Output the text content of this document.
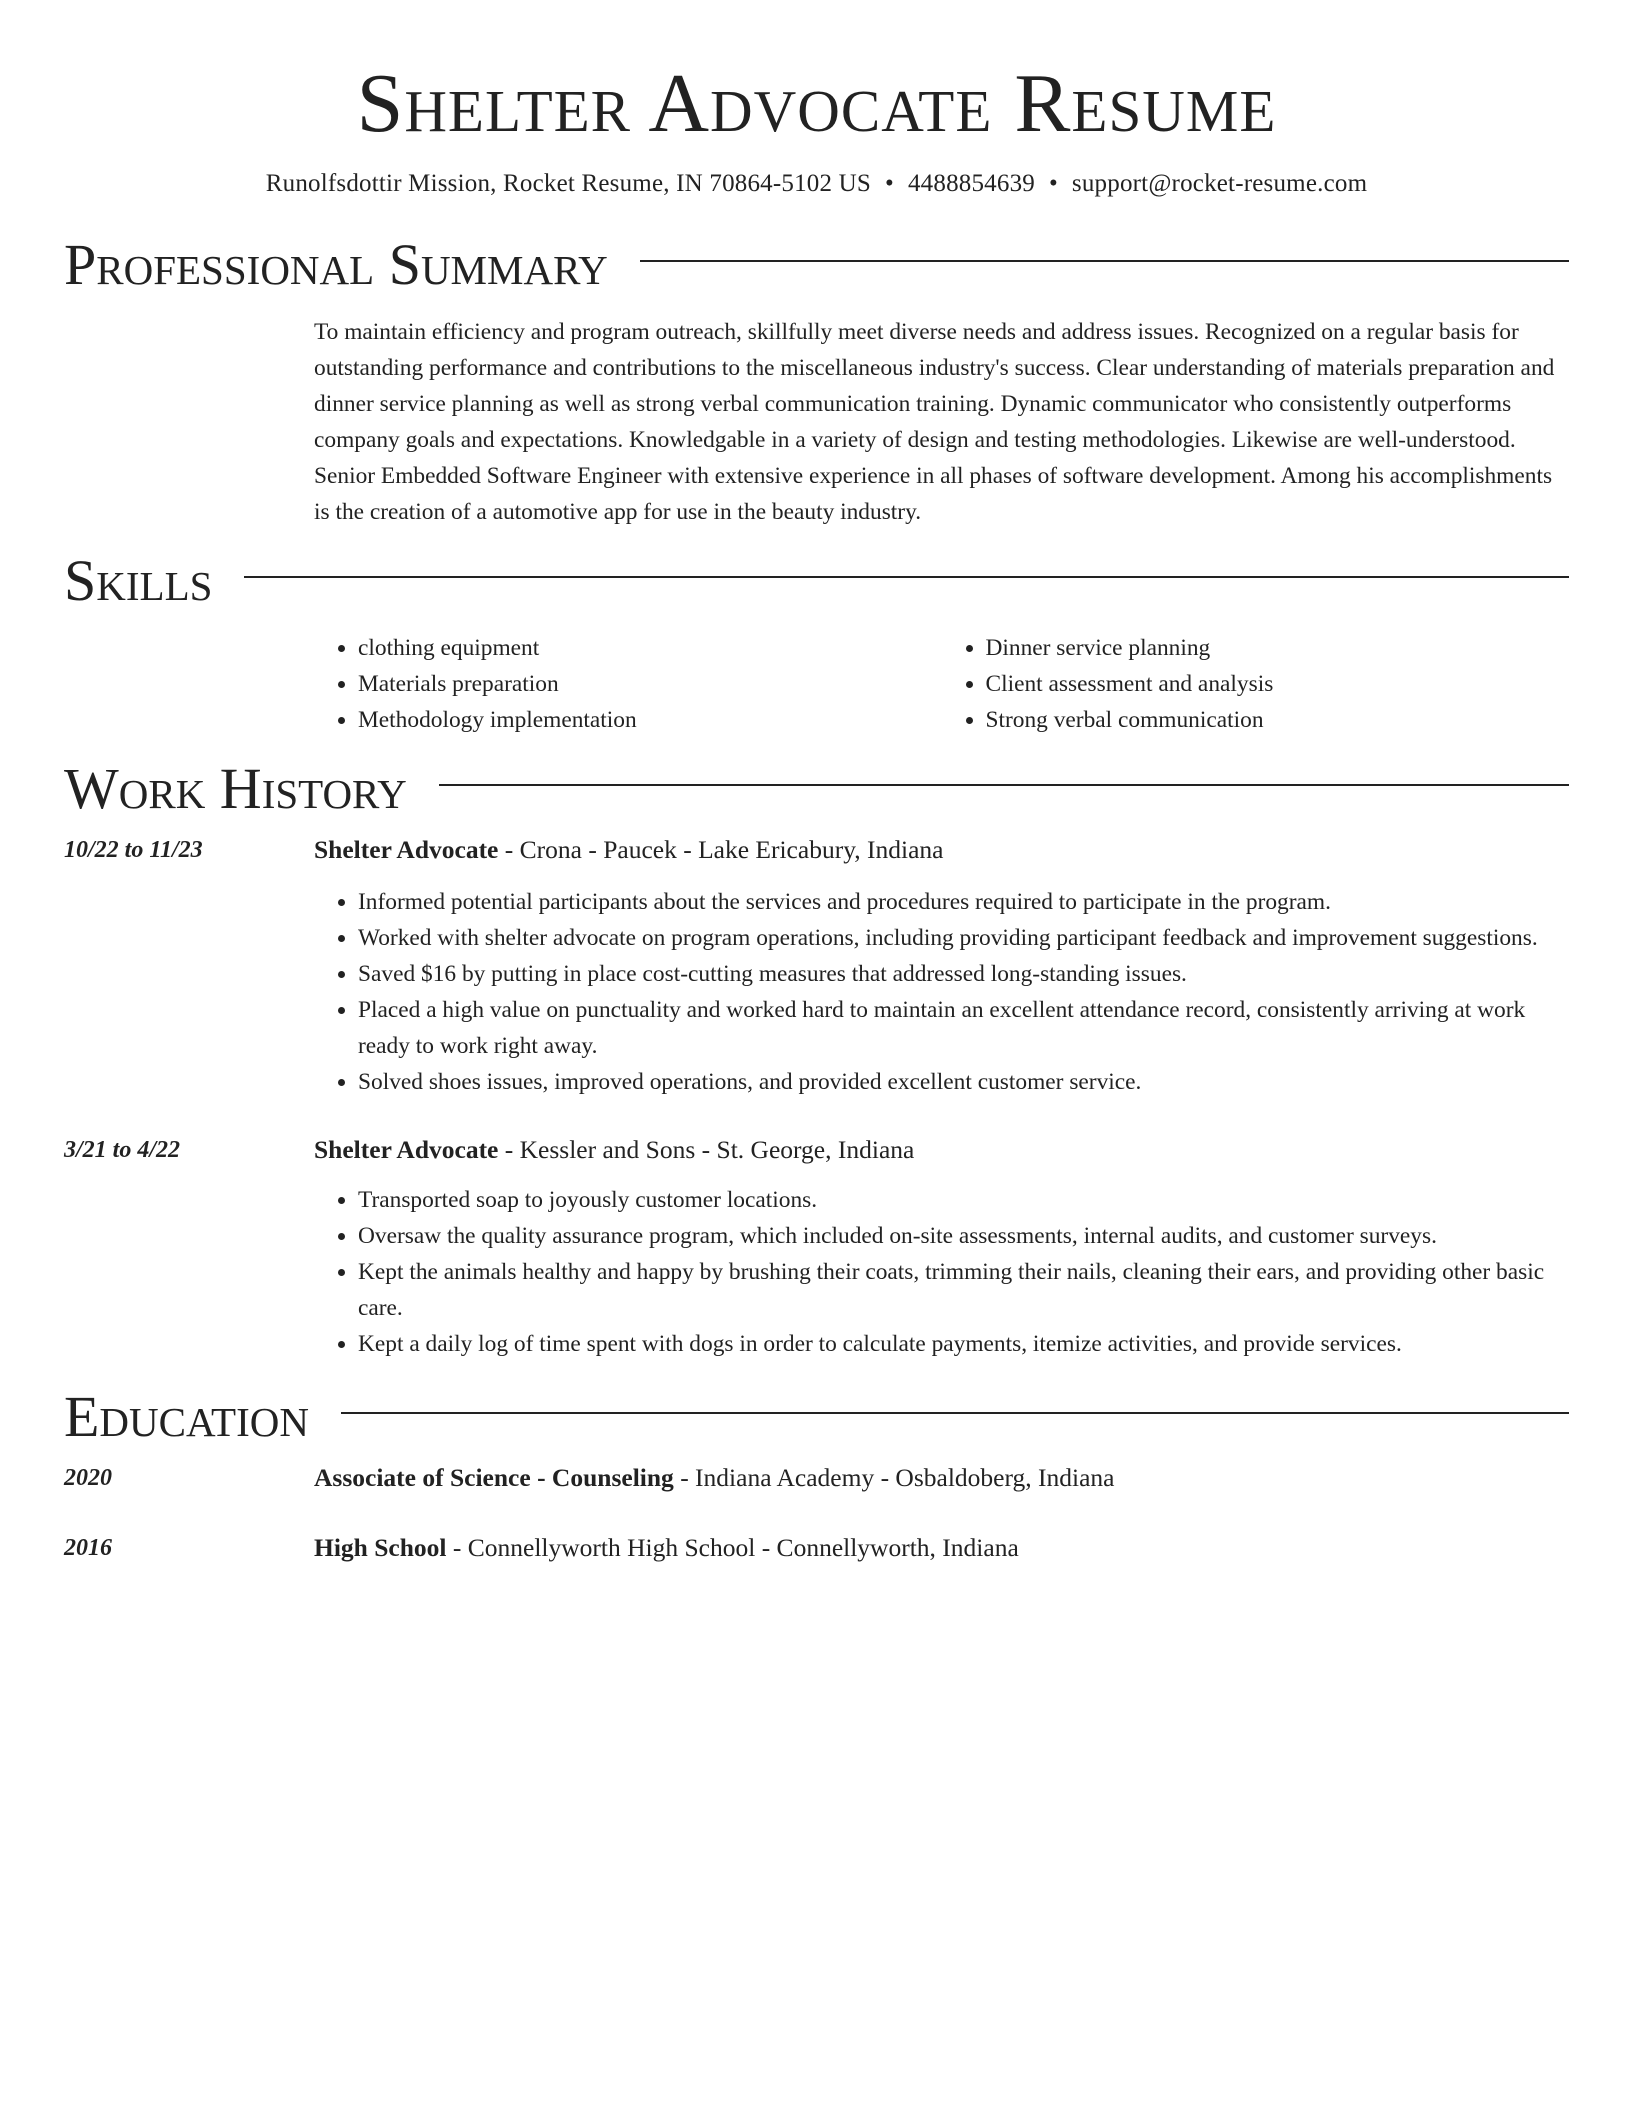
Shelter Advocate Resume
Runolfsdottir Mission, Rocket Resume, IN 70864-5102 US • 4488854639 • support@rocket-resume.com
Professional Summary

To maintain efficiency and program outreach, skillfully meet diverse needs and address issues. Recognized on a regular basis for outstanding performance and contributions to the miscellaneous industry's success. Clear understanding of materials preparation and dinner service planning as well as strong verbal communication training. Dynamic communicator who consistently outperforms company goals and expectations. Knowledgable in a variety of design and testing methodologies. Likewise are well-understood. Senior Embedded Software Engineer with extensive experience in all phases of software development. Among his accomplishments is the creation of a automotive app for use in the beauty industry.

Skills
• clothing equipment
• Materials preparation
• Methodology implementation
• Dinner service planning
• Client assessment and analysis
• Strong verbal communication
Work History
10/22 to 11/23	Shelter Advocate - Crona - Paucek - Lake Ericabury, Indiana
• Informed potential participants about the services and procedures required to participate in the program.
• Worked with shelter advocate on program operations, including providing participant feedback and improvement suggestions.
• Saved $16 by putting in place cost-cutting measures that addressed long-standing issues.
• Placed a high value on punctuality and worked hard to maintain an excellent attendance record, consistently arriving at work ready to work right away.
• Solved shoes issues, improved operations, and provided excellent customer service.
3/21 to 4/22	Shelter Advocate - Kessler and Sons - St. George, Indiana
• Transported soap to joyously customer locations.
• Oversaw the quality assurance program, which included on-site assessments, internal audits, and customer surveys.
• Kept the animals healthy and happy by brushing their coats, trimming their nails, cleaning their ears, and providing other basic care.
• Kept a daily log of time spent with dogs in order to calculate payments, itemize activities, and provide services.
Education
2020	Associate of Science - Counseling - Indiana Academy - Osbaldoberg, Indiana
2016	High School - Connellyworth High School - Connellyworth, Indiana
